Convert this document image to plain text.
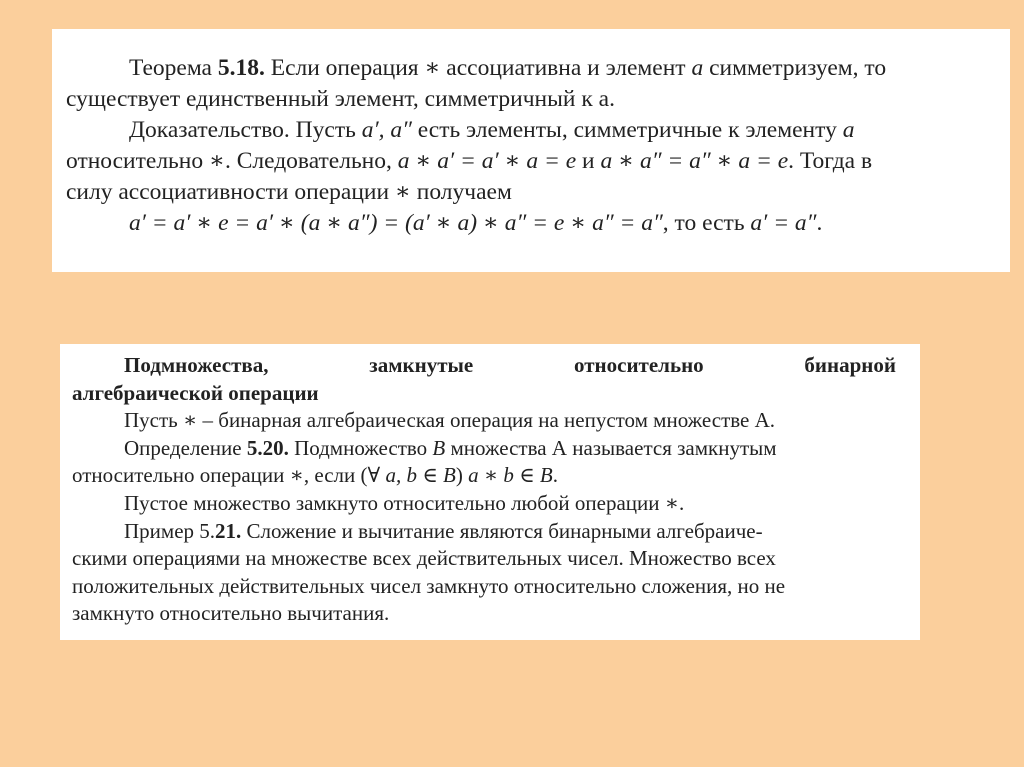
Теорема 5.18. Если операция ∗ ассоциативна и элемент a симметризуем, то
существует единственный элемент, симметричный к а.
Доказательство. Пусть a′, a″ есть элементы, симметричные к элементу a
относительно ∗. Следовательно, a ∗ a′ = a′ ∗ a = e и a ∗ a″ = a″ ∗ a = e. Тогда в
силу ассоциативности операции ∗ получаем
a′ = a′ ∗ e = a′ ∗ (a ∗ a″) = (a′ ∗ a) ∗ a″ = e ∗ a″ = a″, то есть a′ = a″.
Подмножества,	замкнутые	относительно	бинарной
алгебраической операции
Пусть ∗ – бинарная алгебраическая операция на непустом множестве А.
Определение 5.20. Подмножество B множества А называется замкнутым
относительно операции ∗, если (∀ a, b ∈ B) a ∗ b ∈ B.
Пустое множество замкнуто относительно любой операции ∗.
Пример 5.21. Сложение и вычитание являются бинарными алгебраиче-
скими операциями на множестве всех действительных чисел. Множество всех
положительных действительных чисел замкнуто относительно сложения, но не
замкнуто относительно вычитания.
